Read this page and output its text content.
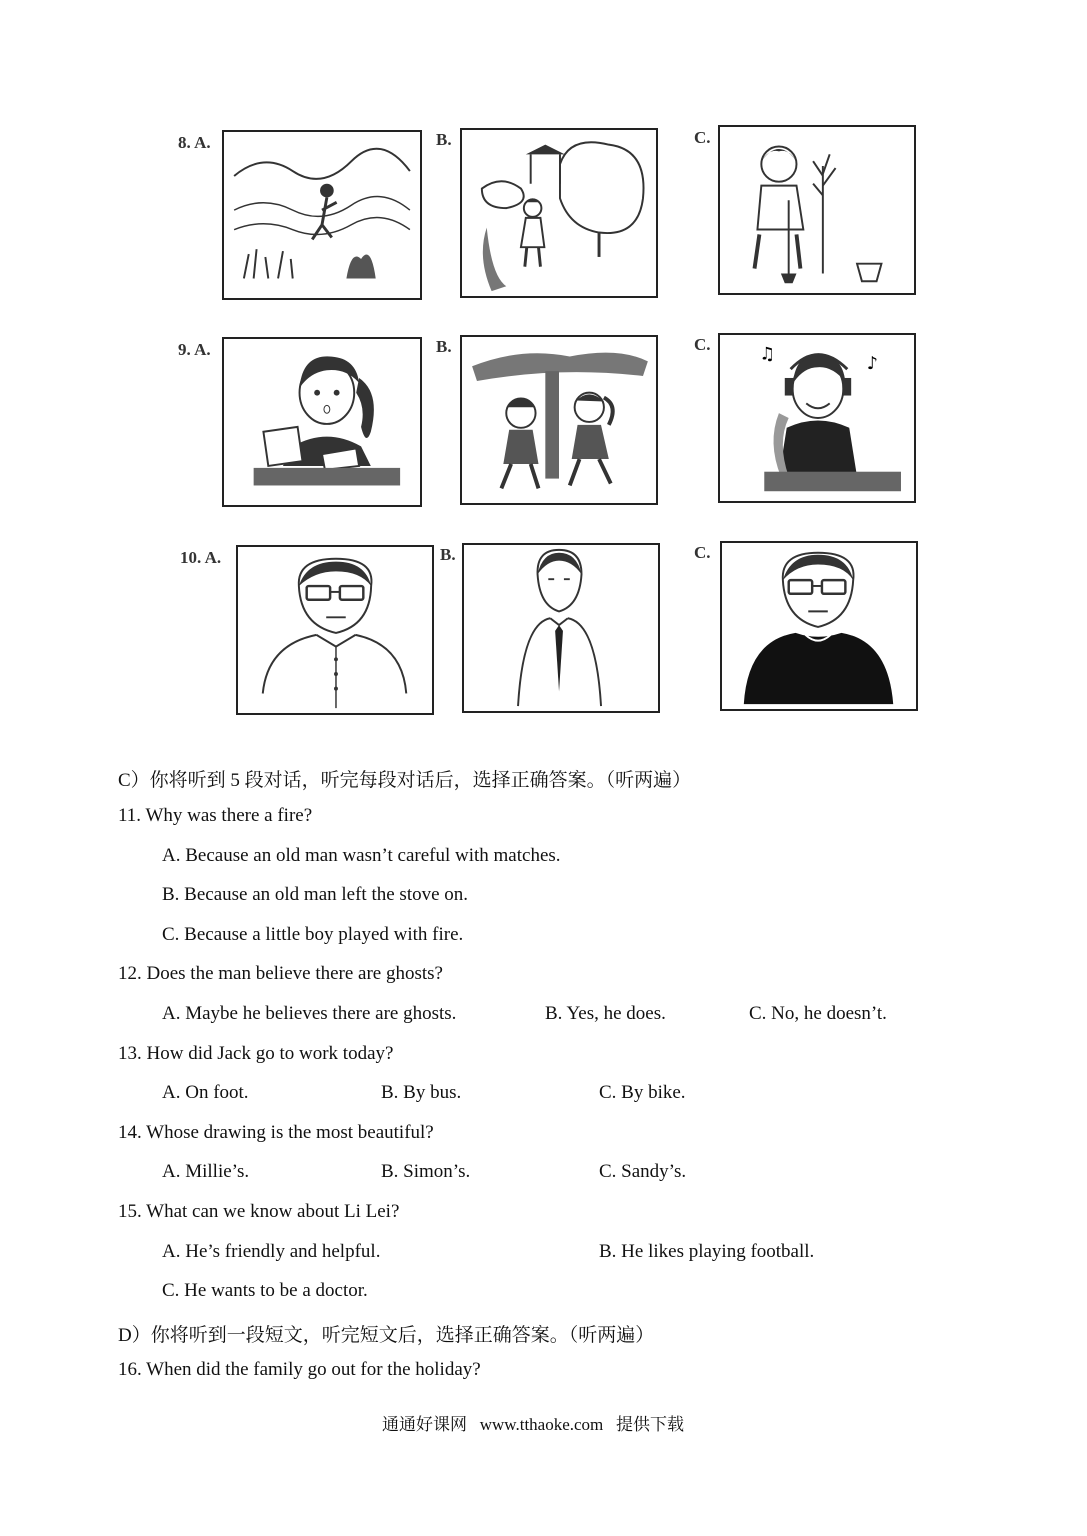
8. A.	B.	C.
9. A.	B.	C.	♫	♪
10. A.	B.	C.
C）你将听到 5 段对话，听完每段对话后，选择正确答案。（听两遍）
11. Why was there a fire?
A. Because an old man wasn’t careful with matches.
B. Because an old man left the stove on.
C. Because a little boy played with fire.
12. Does the man believe there are ghosts?
A. Maybe he believes there are ghosts.	B. Yes, he does.	C. No, he doesn’t.
13. How did Jack go to work today?
A. On foot.	B. By bus.	C. By bike.
14. Whose drawing is the most beautiful?
A. Millie’s.	B. Simon’s.	C. Sandy’s.
15. What can we know about Li Lei?
A. He’s friendly and helpful.	B. He likes playing football.
C. He wants to be a doctor.
D）你将听到一段短文，听完短文后，选择正确答案。（听两遍）
16. When did the family go out for the holiday?
通通好课网 www.tthaoke.com 提供下载
